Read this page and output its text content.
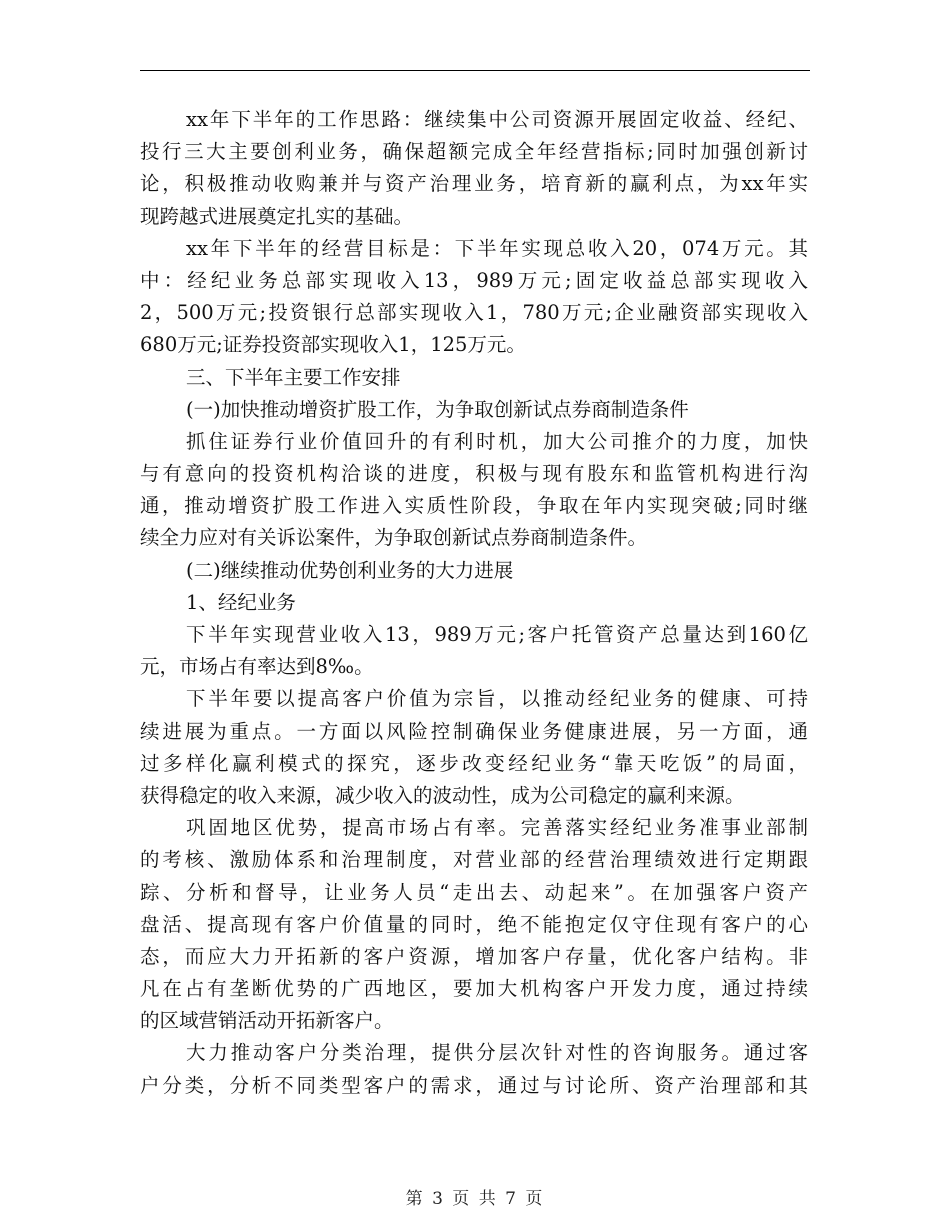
xx年下半年的工作思路：继续集中公司资源开展固定收益、经纪、
投行三大主要创利业务，确保超额完成全年经营指标;同时加强创新讨
论，积极推动收购兼并与资产治理业务，培育新的赢利点，为xx年实
现跨越式进展奠定扎实的基础。
xx年下半年的经营目标是：下半年实现总收入20，074万元。其
中：经纪业务总部实现收入13，989万元;固定收益总部实现收入
2，500万元;投资银行总部实现收入1，780万元;企业融资部实现收入
680万元;证券投资部实现收入1，125万元。
三、下半年主要工作安排
(一)加快推动增资扩股工作，为争取创新试点券商制造条件
抓住证券行业价值回升的有利时机，加大公司推介的力度，加快
与有意向的投资机构洽谈的进度，积极与现有股东和监管机构进行沟
通，推动增资扩股工作进入实质性阶段，争取在年内实现突破;同时继
续全力应对有关诉讼案件，为争取创新试点券商制造条件。
(二)继续推动优势创利业务的大力进展
1、经纪业务
下半年实现营业收入13，989万元;客户托管资产总量达到160亿
元，市场占有率达到8‰。
下半年要以提高客户价值为宗旨，以推动经纪业务的健康、可持
续进展为重点。一方面以风险控制确保业务健康进展，另一方面，通
过多样化赢利模式的探究，逐步改变经纪业务“靠天吃饭”的局面，
获得稳定的收入来源，减少收入的波动性，成为公司稳定的赢利来源。
巩固地区优势，提高市场占有率。完善落实经纪业务准事业部制
的考核、激励体系和治理制度，对营业部的经营治理绩效进行定期跟
踪、分析和督导，让业务人员“走出去、动起来”。在加强客户资产
盘活、提高现有客户价值量的同时，绝不能抱定仅守住现有客户的心
态，而应大力开拓新的客户资源，增加客户存量，优化客户结构。非
凡在占有垄断优势的广西地区，要加大机构客户开发力度，通过持续
的区域营销活动开拓新客户。
大力推动客户分类治理，提供分层次针对性的咨询服务。通过客
户分类，分析不同类型客户的需求，通过与讨论所、资产治理部和其
第 3 页 共 7 页
